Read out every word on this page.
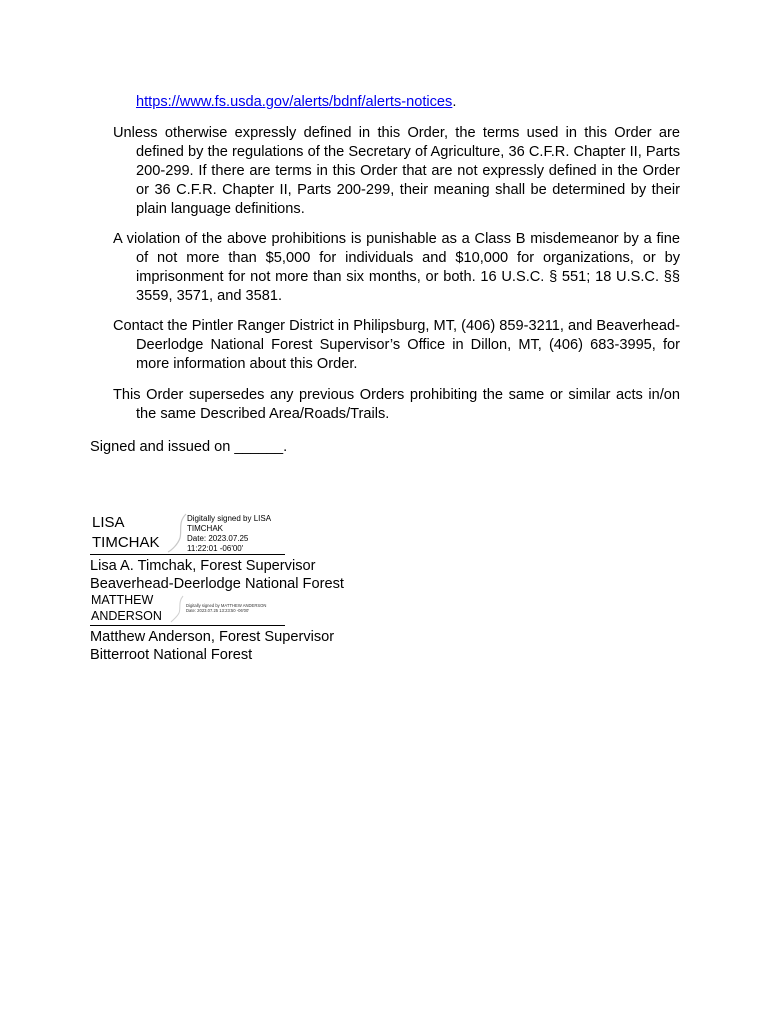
https://www.fs.usda.gov/alerts/bdnf/alerts-notices.

Unless otherwise expressly defined in this Order, the terms used in this Order are defined by the regulations of the Secretary of Agriculture, 36 C.F.R. Chapter II, Parts 200-299. If there are terms in this Order that are not expressly defined in the Order or 36 C.F.R. Chapter II, Parts 200-299, their meaning shall be determined by their plain language definitions.

A violation of the above prohibitions is punishable as a Class B misdemeanor by a fine of not more than $5,000 for individuals and $10,000 for organizations, or by imprisonment for not more than six months, or both. 16 U.S.C. § 551; 18 U.S.C. §§ 3559, 3571, and 3581.

Contact the Pintler Ranger District in Philipsburg, MT, (406) 859-3211, and Beaverhead-Deerlodge National Forest Supervisor’s Office in Dillon, MT, (406) 683-3995, for more information about this Order.

This Order supersedes any previous Orders prohibiting the same or similar acts in/on the same Described Area/Roads/Trails.

Signed and issued on ______.
LISA
TIMCHAK
Digitally signed by LISA
TIMCHAK
Date: 2023.07.25
11:22:01 -06'00'
Lisa A. Timchak, Forest Supervisor
Beaverhead-Deerlodge National Forest
MATTHEW
ANDERSON
Digitally signed by MATTHEW ANDERSON
Date: 2023.07.25 13:23:50 -06'00'
Matthew Anderson, Forest Supervisor
Bitterroot National Forest
